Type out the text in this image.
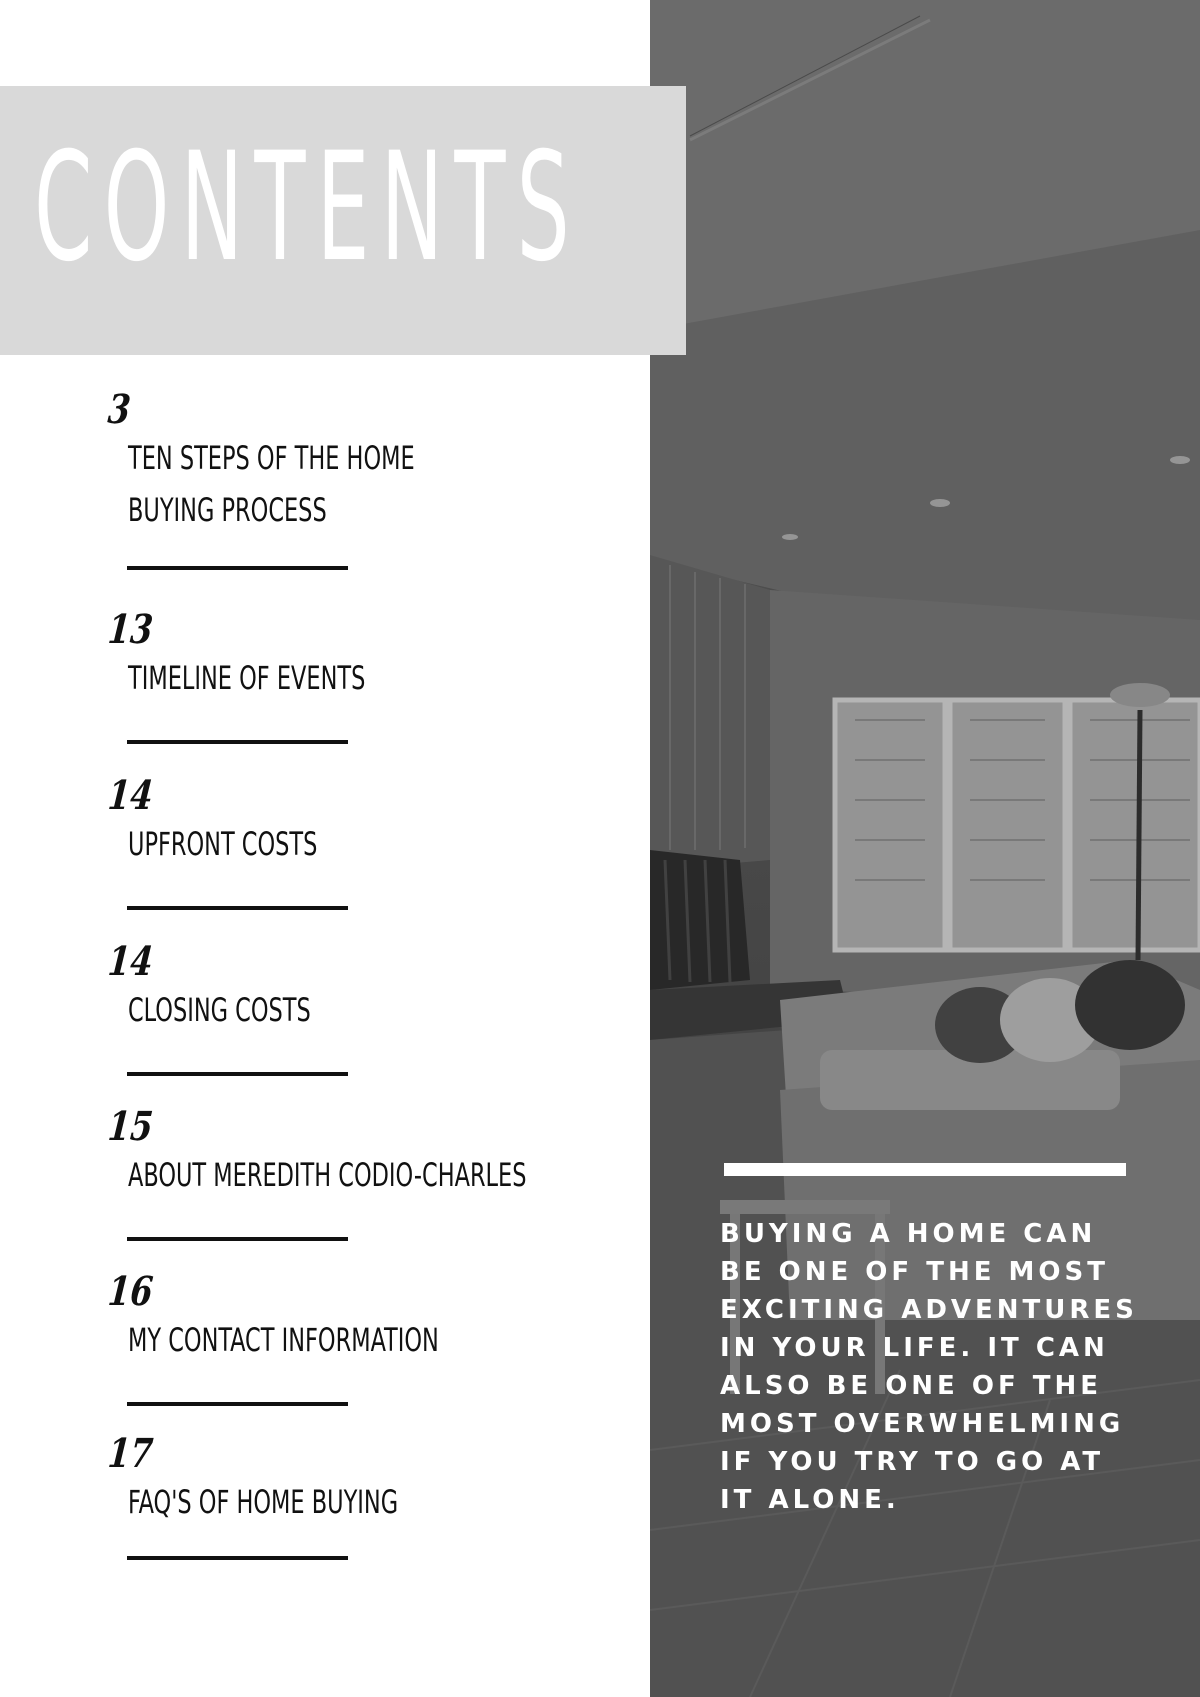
BUYING A HOME CAN BE ONE OF THE MOST EXCITING ADVENTURES IN YOUR LIFE. IT CAN ALSO BE ONE OF THE MOST OVERWHELMING IF YOU TRY TO GO AT IT ALONE.

CONTENTS

3

TEN STEPS OF THE HOME
BUYING PROCESS

13

TIMELINE OF EVENTS

14

UPFRONT COSTS

14

CLOSING COSTS

15

ABOUT MEREDITH CODIO-CHARLES

16

MY CONTACT INFORMATION

17

FAQ'S OF HOME BUYING
